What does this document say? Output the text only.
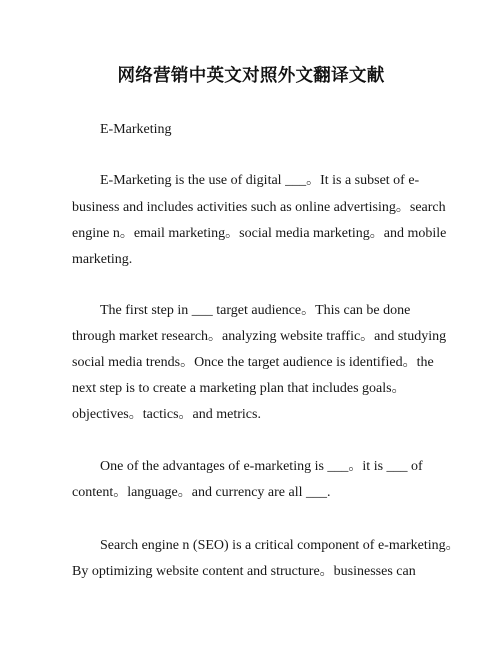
网络营销中英文对照外文翻译文献
E-Marketing
E-Marketing is the use of digital ___。It is a subset of e-
business and includes activities such as online advertising。search
engine n。email marketing。social media marketing。and mobile
marketing.
The first step in ___ target audience。This can be done
through market research。analyzing website traffic。and studying
social media trends。Once the target audience is identified。the
next step is to create a marketing plan that includes goals。
objectives。tactics。and metrics.
One of the advantages of e-marketing is ___。it is ___ of
content。language。and currency are all ___.
Search engine n (SEO) is a critical component of e-marketing。
By optimizing website content and structure。businesses can
